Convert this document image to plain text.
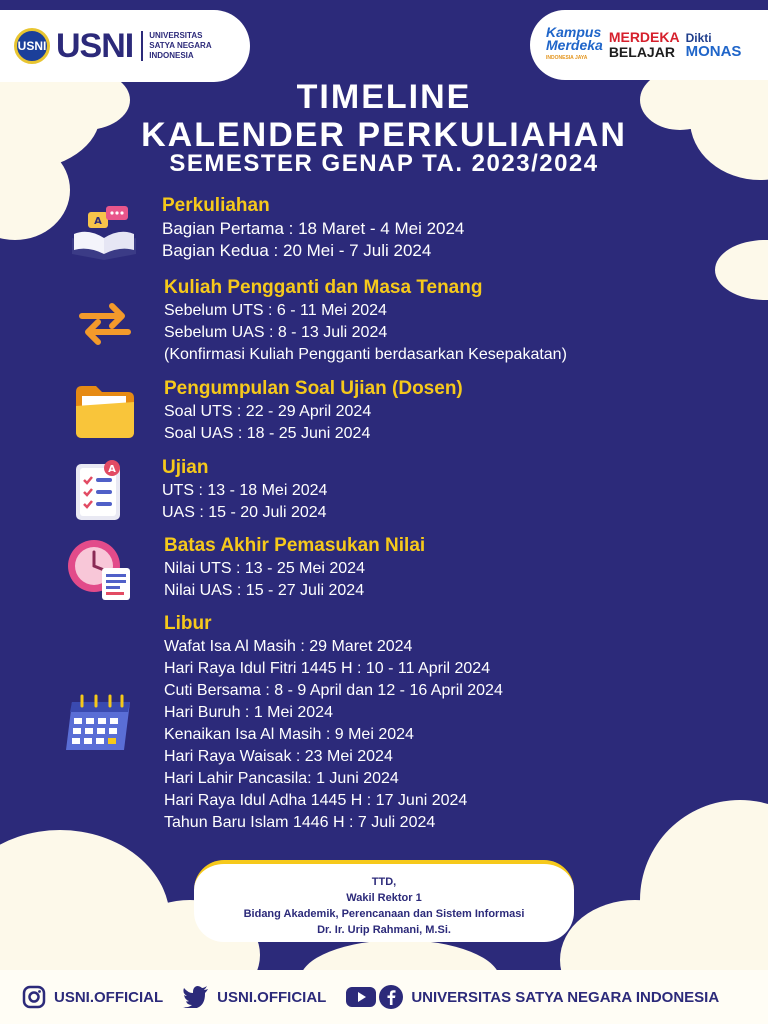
USNI USNI UNIVERSITAS
SATYA NEGARA
INDONESIA
Kampus
Merdeka
INDONESIA JAYA
MERDEKA
BELAJAR
Dikti
MONAS
TIMELINE
KALENDER PERKULIAHAN
SEMESTER GENAP TA. 2023/2024
A
Perkuliahan
Bagian Pertama : 18 Maret - 4 Mei 2024
Bagian Kedua : 20 Mei - 7 Juli 2024
Kuliah Pengganti dan Masa Tenang
Sebelum UTS : 6 - 11 Mei 2024
Sebelum UAS : 8 - 13 Juli 2024
(Konfirmasi Kuliah Pengganti berdasarkan Kesepakatan)
Pengumpulan Soal Ujian (Dosen)
Soal UTS : 22 - 29 April 2024
Soal UAS : 18 - 25 Juni 2024
A Ujian
UTS : 13 - 18 Mei 2024
UAS : 15 - 20 Juli 2024
Batas Akhir Pemasukan Nilai
Nilai UTS : 13 - 25 Mei 2024
Nilai UAS : 15 - 27 Juli 2024
Libur
Wafat Isa Al Masih : 29 Maret 2024
Hari Raya Idul Fitri 1445 H : 10 - 11 April 2024
Cuti Bersama : 8 - 9 April dan 12 - 16 April 2024
Hari Buruh : 1 Mei 2024
Kenaikan Isa Al Masih : 9 Mei 2024
Hari Raya Waisak : 23 Mei 2024
Hari Lahir Pancasila: 1 Juni 2024
Hari Raya Idul Adha 1445 H : 17 Juni 2024
Tahun Baru Islam 1446 H : 7 Juli 2024
TTD,
Wakil Rektor 1
Bidang Akademik, Perencanaan dan Sistem Informasi
Dr. Ir. Urip Rahmani, M.Si.
USNI.OFFICIAL	USNI.OFFICIAL	UNIVERSITAS SATYA NEGARA INDONESIA
